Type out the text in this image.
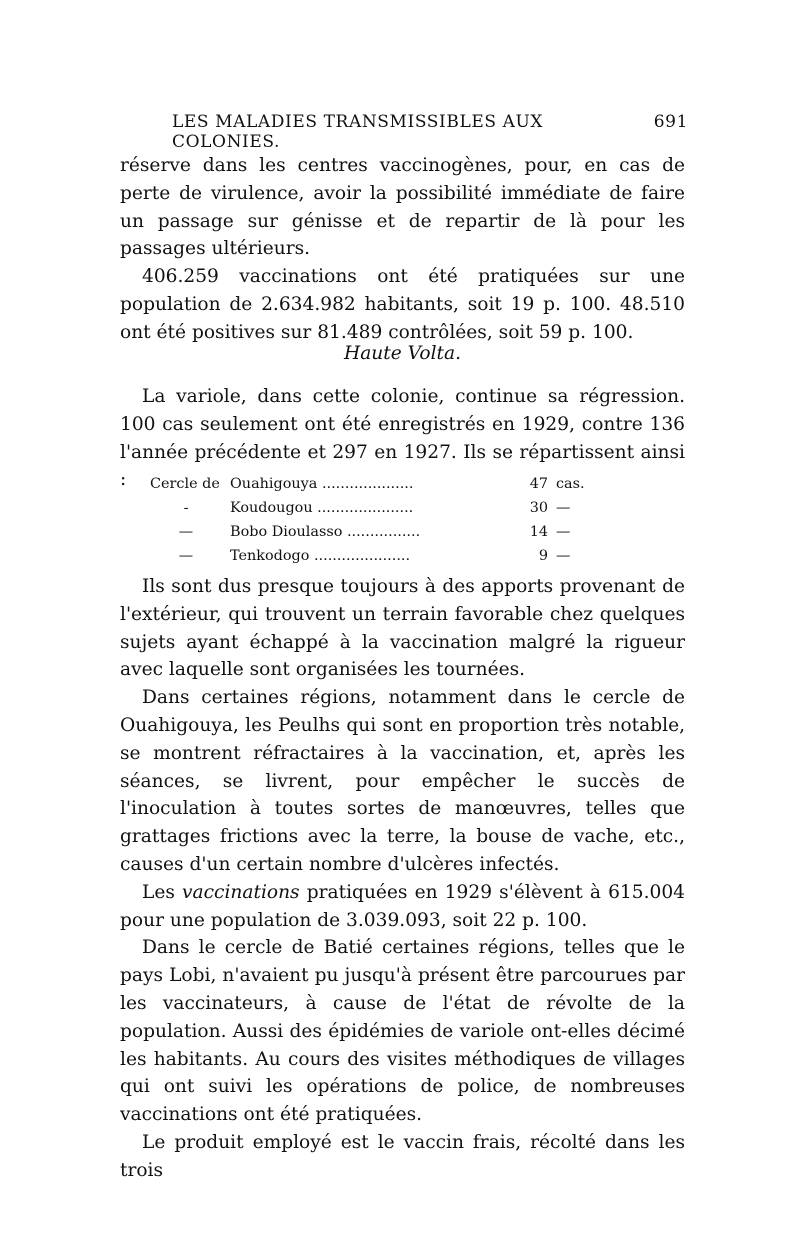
LES MALADIES TRANSMISSIBLES AUX COLONIES.
691

réserve dans les centres vaccinogènes, pour, en cas de perte de virulence, avoir la possibilité immédiate de faire un passage sur génisse et de repartir de là pour les passages ultérieurs.

406.259 vaccinations ont été pratiquées sur une population de 2.634.982 habitants, soit 19 p. 100. 48.510 ont été positives sur 81.489 contrôlées, soit 59 p. 100.

Haute Volta.

La variole, dans cette colonie, continue sa régression. 100 cas seulement ont été enregistrés en 1929, contre 136 l'année précédente et 297 en 1927. Ils se répartissent ainsi :	Cercle de Ouahigouya ....................	47 cas.
-	Koudougou .....................	30 —
—	Bobo Dioulasso ................	14 —
—	Tenkodogo .....................	9 —

Ils sont dus presque toujours à des apports provenant de l'extérieur, qui trouvent un terrain favorable chez quelques sujets ayant échappé à la vaccination malgré la rigueur avec laquelle sont organisées les tournées.

Dans certaines régions, notamment dans le cercle de Ouahigouya, les Peulhs qui sont en proportion très notable, se montrent réfractaires à la vaccination, et, après les séances, se livrent, pour empêcher le succès de l'inoculation à toutes sortes de manœuvres, telles que grattages frictions avec la terre, la bouse de vache, etc., causes d'un certain nombre d'ulcères infectés.

Les vaccinations pratiquées en 1929 s'élèvent à 615.004 pour une population de 3.039.093, soit 22 p. 100.

Dans le cercle de Batié certaines régions, telles que le pays Lobi, n'avaient pu jusqu'à présent être parcourues par les vaccinateurs, à cause de l'état de révolte de la population. Aussi des épidémies de variole ont-elles décimé les habitants. Au cours des visites méthodiques de villages qui ont suivi les opérations de police, de nombreuses vaccinations ont été pratiquées.

Le produit employé est le vaccin frais, récolté dans les trois
